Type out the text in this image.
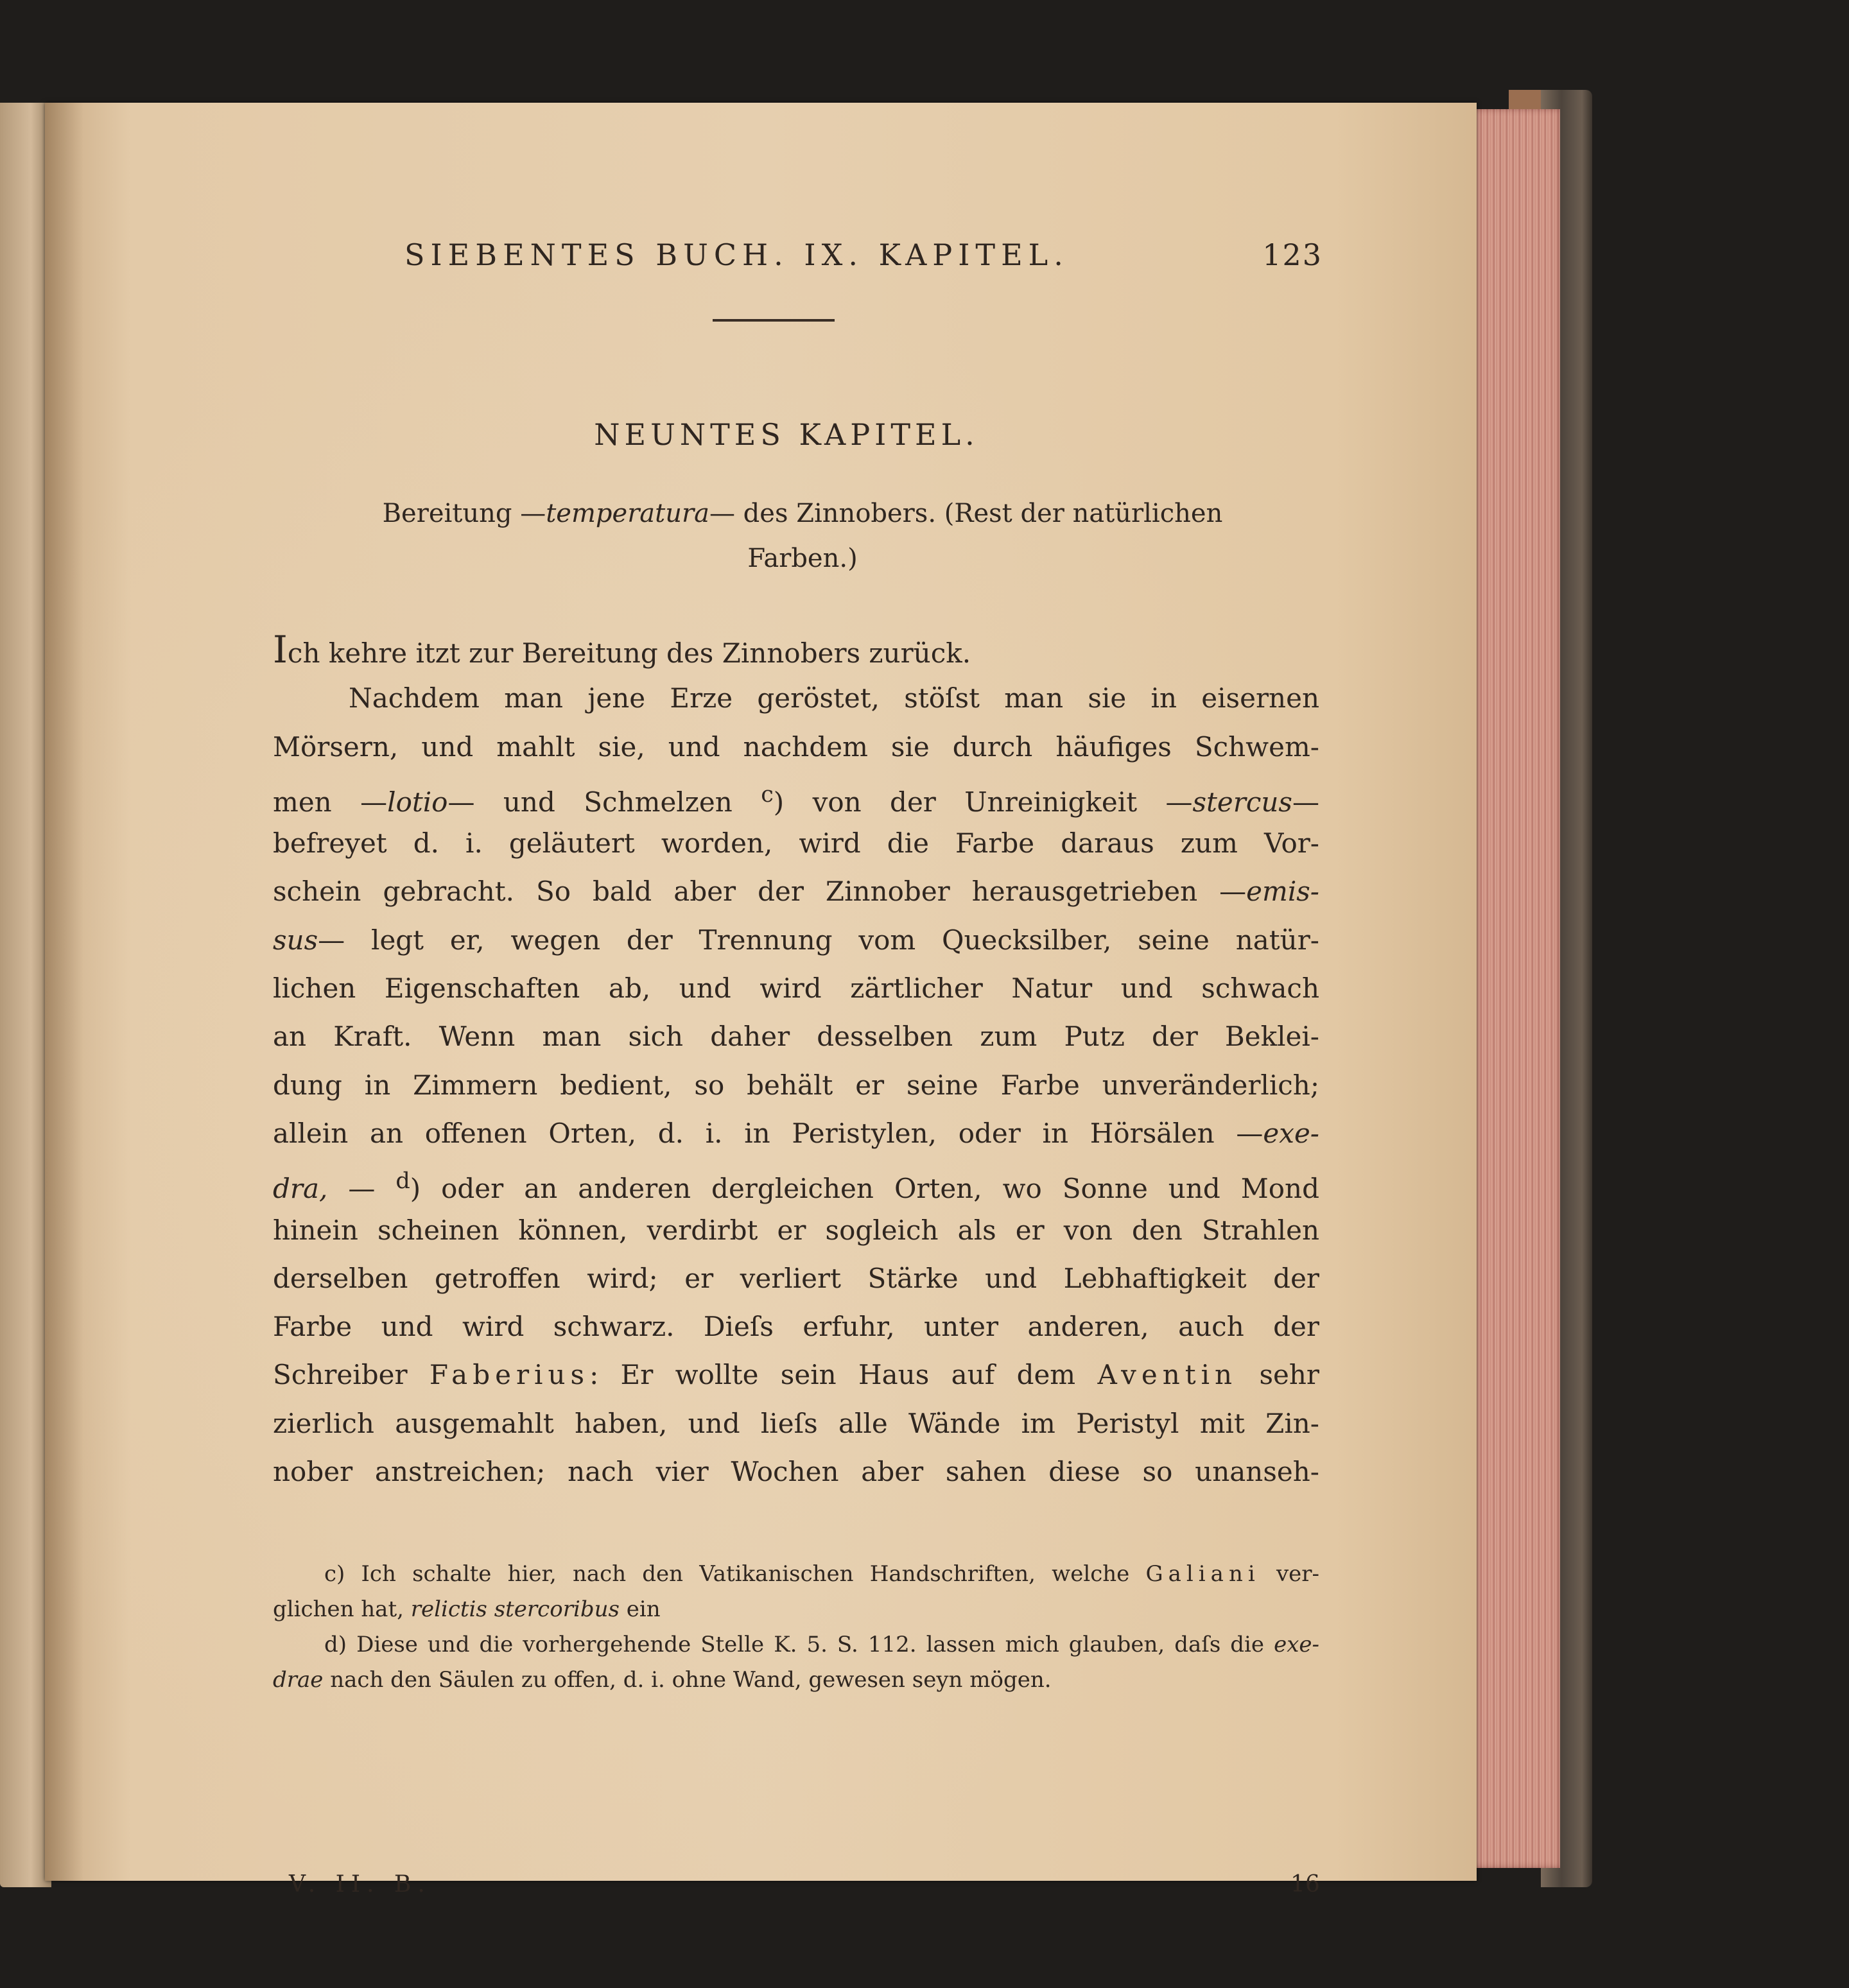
SIEBENTES BUCH. IX. KAPITEL.	123
NEUNTES KAPITEL.
Bereitung —temperatura— des Zinnobers. (Rest der natürlichen
Farben.)
Ich kehre itzt zur Bereitung des Zinnobers zurück.
Nachdem man jene Erze geröstet, stöſst man sie in eisernen
Mörsern, und mahlt sie, und nachdem sie durch häufiges Schwem-
men —lotio— und Schmelzen $^c$) von der Unreinigkeit —stercus—
befreyet d. i. geläutert worden, wird die Farbe daraus zum Vor-
schein gebracht. So bald aber der Zinnober herausgetrieben —emis-
sus— legt er, wegen der Trennung vom Quecksilber, seine natür-
lichen Eigenschaften ab, und wird zärtlicher Natur und schwach
an Kraft. Wenn man sich daher desselben zum Putz der Beklei-
dung in Zimmern bedient, so behält er seine Farbe unveränderlich;
allein an offenen Orten, d. i. in Peristylen, oder in Hörsälen —exe-
dra, — $^d$) oder an anderen dergleichen Orten, wo Sonne und Mond
hinein scheinen können, verdirbt er sogleich als er von den Strahlen
derselben getroffen wird; er verliert Stärke und Lebhaftigkeit der
Farbe und wird schwarz. Dieſs erfuhr, unter anderen, auch der
Schreiber Faberius: Er wollte sein Haus auf dem Aventin sehr
zierlich ausgemahlt haben, und lieſs alle Wände im Peristyl mit Zin-
nober anstreichen; nach vier Wochen aber sahen diese so unanseh-
c) Ich schalte hier, nach den Vatikanischen Handschriften, welche Galiani ver-
glichen hat, relictis stercoribus ein
d) Diese und die vorhergehende Stelle K. 5. S. 112. lassen mich glauben, daſs die exe-
drae nach den Säulen zu offen, d. i. ohne Wand, gewesen seyn mögen.
V. II. B.	16
